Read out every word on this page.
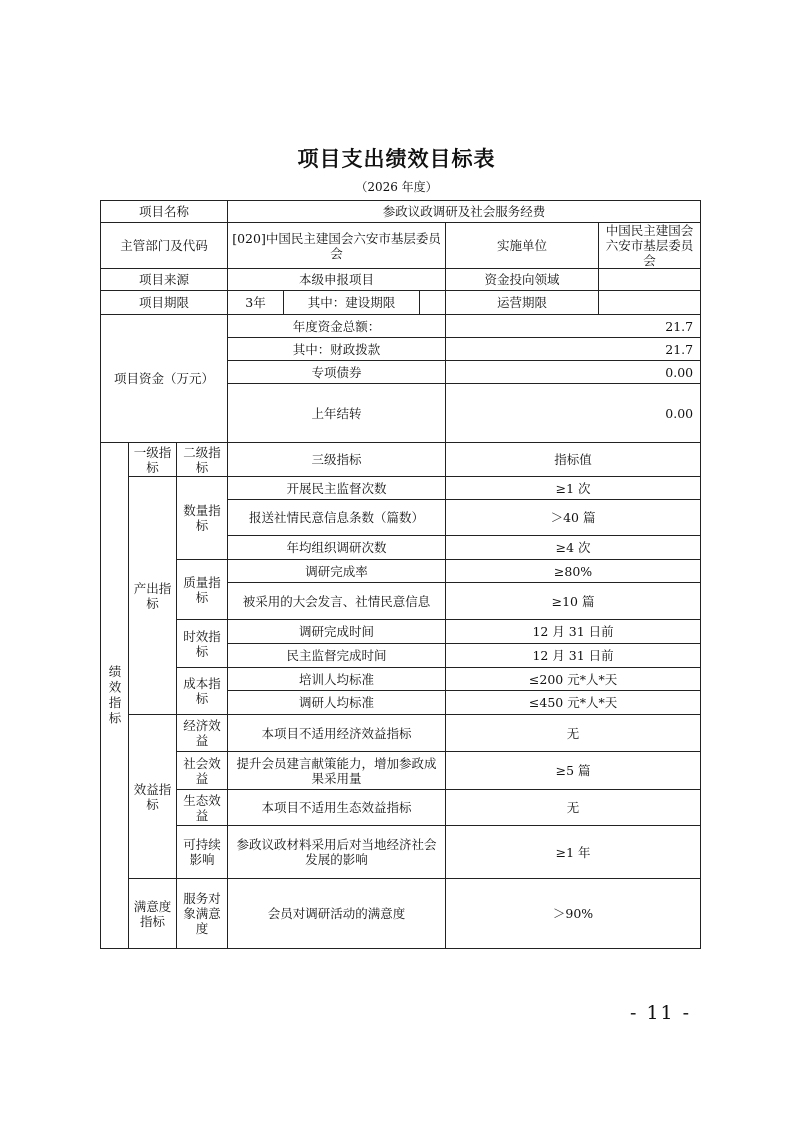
项目支出绩效目标表
（2026 年度）
项目名称			参政议政调研及社会服务经费				
主管部门及代码			[020]中国民主建国会六安市基层委员会			实施单位	中国民主建国会六安市基层委员会
项目来源			本级申报项目			资金投向领域	
项目期限			3年	其中：建设期限		运营期限	
项目资金（万元）			年度资金总额：			21.7	
			其中：财政拨款			21.7	
			专项债券			0.00	
			上年结转			0.00	
绩效指标	一级指标	二级指标	三级指标			指标值	
	产出指标	数量指标	开展民主监督次数			≥1 次	
			报送社情民意信息条数（篇数）			＞40 篇	
			年均组织调研次数			≥4 次	
		质量指标	调研完成率			≥80%	
			被采用的大会发言、社情民意信息			≥10 篇	
		时效指标	调研完成时间			12 月 31 日前	
			民主监督完成时间			12 月 31 日前	
		成本指标	培训人均标准			≤200 元*人*天	
			调研人均标准			≤450 元*人*天	

	效益指标	经济效益	本项目不适用经济效益指标			无	
		社会效益	提升会员建言献策能力，增加参政成果采用量			≥5 篇	
		生态效益	本项目不适用生态效益指标			无	
		可持续影响	参政议政材料采用后对当地经济社会发展的影响			≥1 年	
	满意度指标	服务对象满意度	会员对调研活动的满意度			＞90%	
- 11 -
